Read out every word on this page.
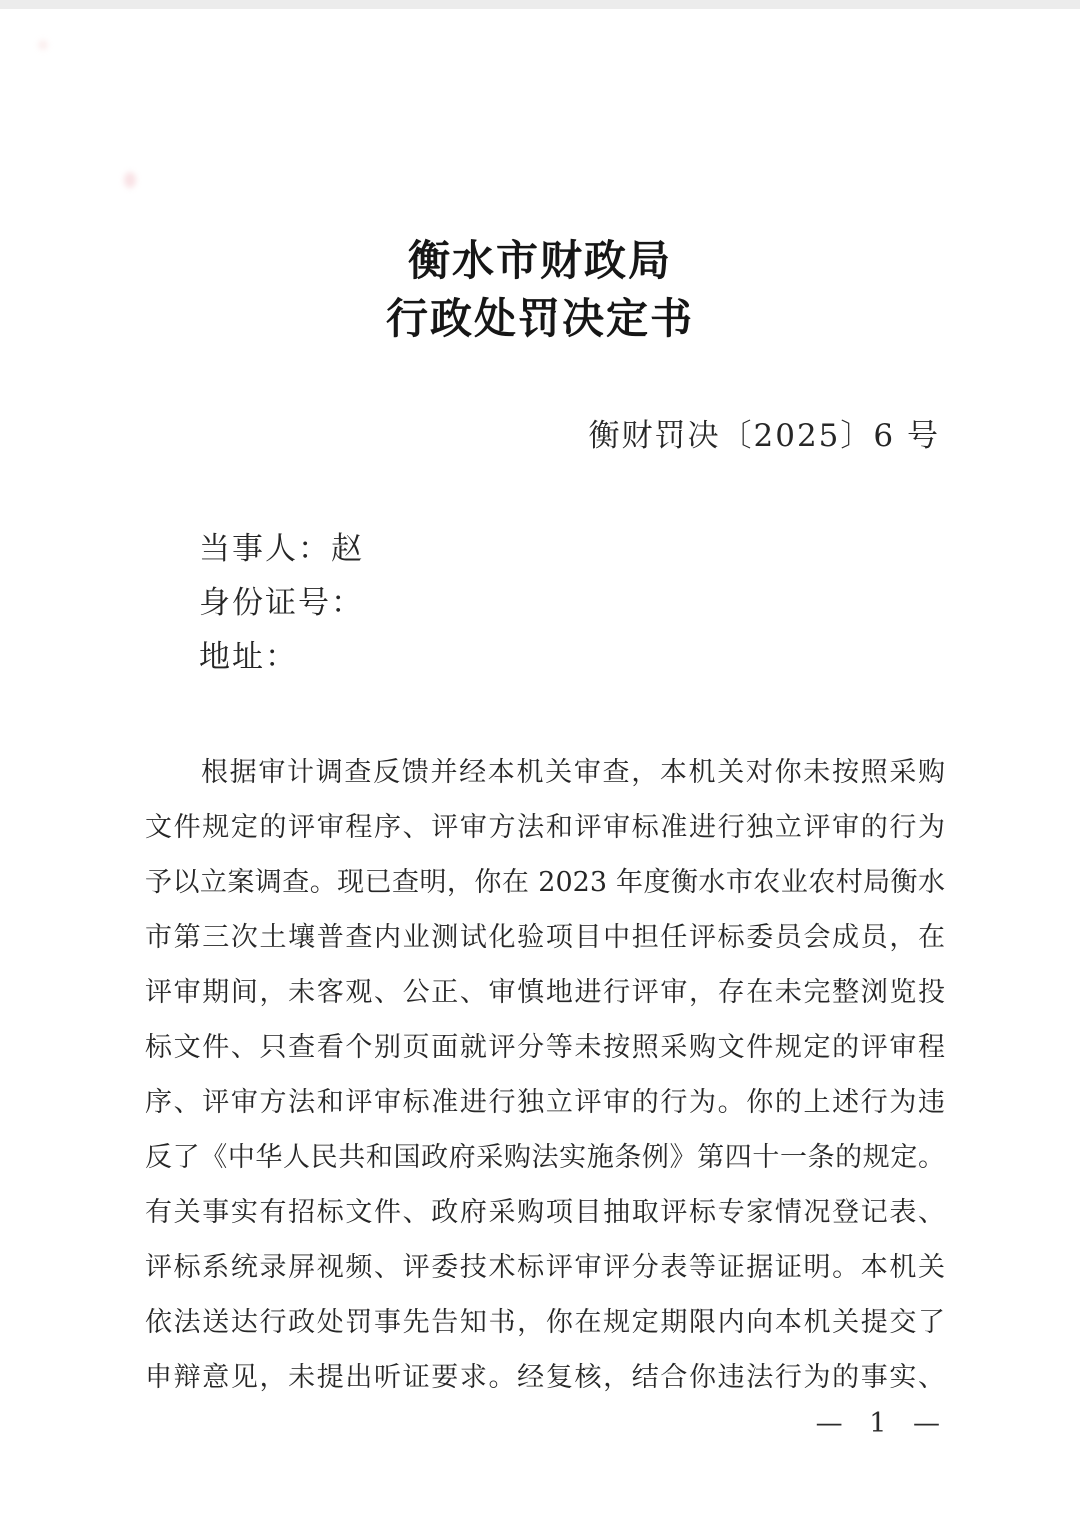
衡水市财政局
行政处罚决定书
衡财罚决〔2025〕6 号
当事人：赵
身份证号：
地址：
根据审计调查反馈并经本机关审查，本机关对你未按照采购
文件规定的评审程序、评审方法和评审标准进行独立评审的行为
予以立案调查。现已查明，你在 2023 年度衡水市农业农村局衡水
市第三次土壤普查内业测试化验项目中担任评标委员会成员，在
评审期间，未客观、公正、审慎地进行评审，存在未完整浏览投
标文件、只查看个别页面就评分等未按照采购文件规定的评审程
序、评审方法和评审标准进行独立评审的行为。你的上述行为违
反了《中华人民共和国政府采购法实施条例》第四十一条的规定。
有关事实有招标文件、政府采购项目抽取评标专家情况登记表、
评标系统录屏视频、评委技术标评审评分表等证据证明。本机关
依法送达行政处罚事先告知书，你在规定期限内向本机关提交了
申辩意见，未提出听证要求。经复核，结合你违法行为的事实、
— 1 —
